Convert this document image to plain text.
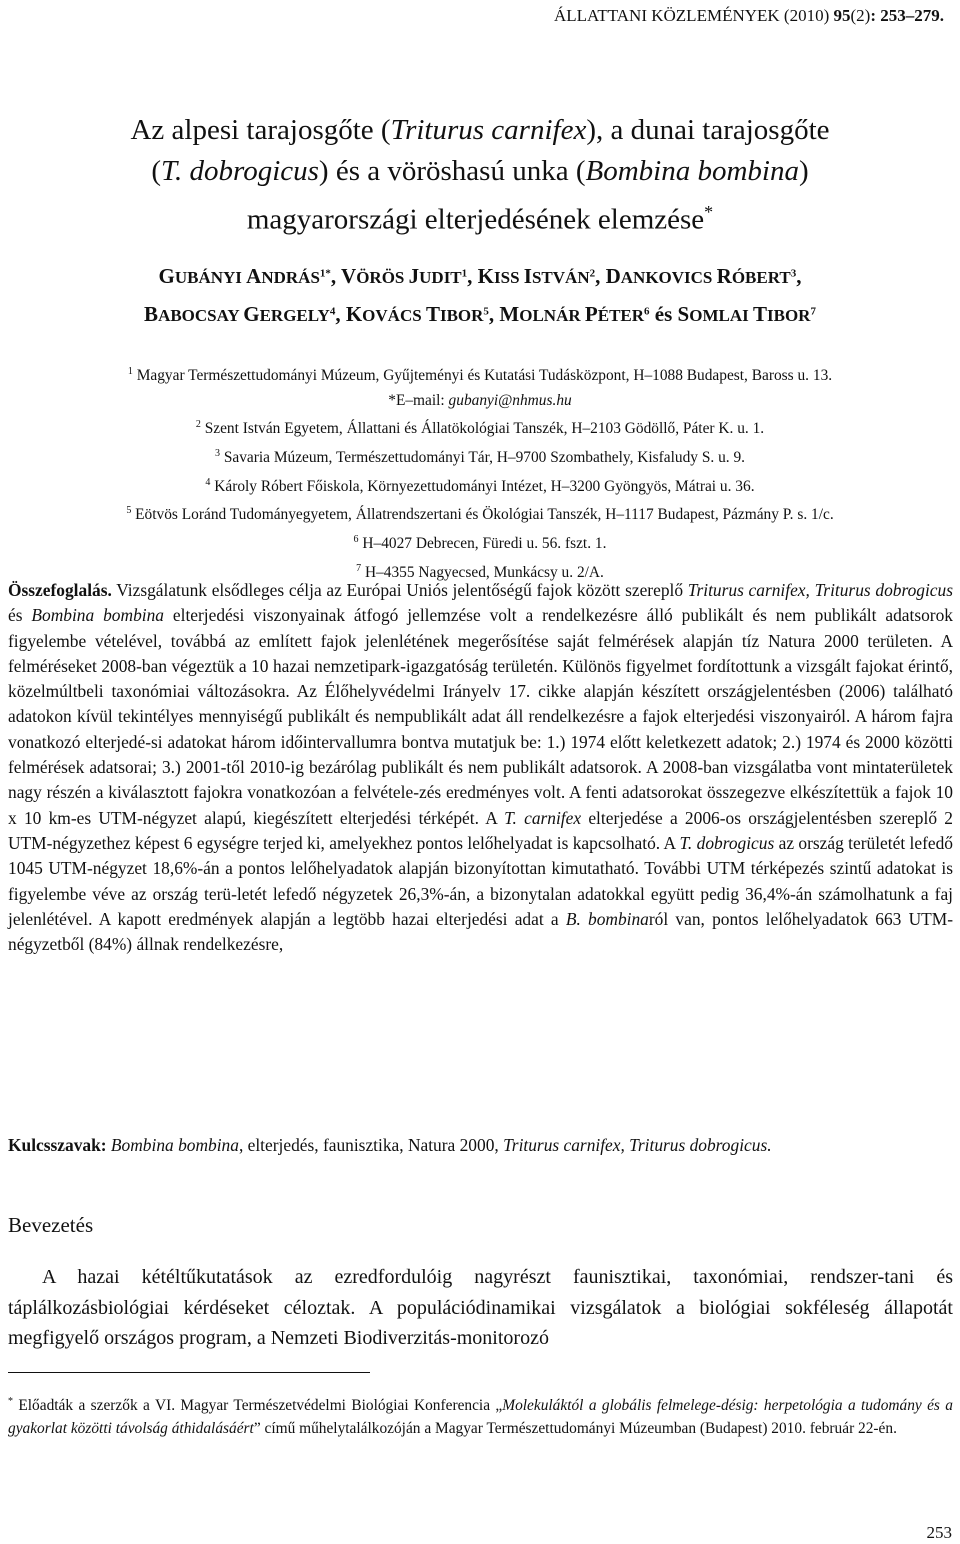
ÁLLATTANI KÖZLEMÉNYEK (2010) 95(2): 253–279.
Az alpesi tarajosgőte (Triturus carnifex), a dunai tarajosgőte
(T. dobrogicus) és a vöröshasú unka (Bombina bombina)
magyarországi elterjedésének elemzése*
GUBÁNYI $ANDRÁS^{1*}$, VÖRÖS JUDIT$^1$, KISS ISTVÁN$^2$, DANKOVICS RÓBERT$^3$,
BABOCSAY GERGELY$^4$, KOVÁCS TIBOR$^5$, MOLNÁR PÉTER$^6$ és SOMLAI TIBOR$^7$
$^1$ Magyar Természettudományi Múzeum, Gyűjteményi és Kutatási Tudásközpont, H–1088 Budapest, Baross u. 13.
*E–mail: gubanyi@nhmus.hu
$^2$ Szent István Egyetem, Állattani és Állatökológiai Tanszék, H–2103 Gödöllő, Páter K. u. 1.
$^3$ Savaria Múzeum, Természettudományi Tár, H–9700 Szombathely, Kisfaludy S. u. 9.
$^4$ Károly Róbert Főiskola, Környezettudományi Intézet, H–3200 Gyöngyös, Mátrai u. 36.
$^5$ Eötvös Loránd Tudományegyetem, Állatrendszertani és Ökológiai Tanszék, H–1117 Budapest, Pázmány P. s. 1/c.
$^6$ H–4027 Debrecen, Füredi u. 56. fszt. 1.
$^7$ H–4355 Nagyecsed, Munkácsy u. 2/A.
Összefoglalás. Vizsgálatunk elsődleges célja az Európai Uniós jelentőségű fajok között szereplő Triturus carnifex, Triturus dobrogicus és Bombina bombina elterjedési viszonyainak átfogó jellemzése volt a rendelkezésre álló publikált és nem publikált adatsorok figyelembe vételével, továbbá az említett fajok jelenlétének megerősítése saját felmérések alapján tíz Natura 2000 területen. A felméréseket 2008-ban végeztük a 10 hazai nemzetipark-igazgatóság területén. Különös figyelmet fordítottunk a vizsgált fajokat érintő, közelmúltbeli taxonómiai változásokra. Az Élőhelyvédelmi Irányelv 17. cikke alapján készített országjelentésben (2006) található adatokon kívül tekintélyes mennyiségű publikált és nempublikált adat áll rendelkezésre a fajok elterjedési viszonyairól. A három fajra vonatkozó elterjedé-si adatokat három időintervallumra bontva mutatjuk be: 1.) 1974 előtt keletkezett adatok; 2.) 1974 és 2000 közötti felmérések adatsorai; 3.) 2001-től 2010-ig bezárólag publikált és nem publikált adatsorok. A 2008-ban vizsgálatba vont mintaterületek nagy részén a kiválasztott fajokra vonatkozóan a felvétele-zés eredményes volt. A fenti adatsorokat összegezve elkészítettük a fajok 10 x 10 km-es UTM-négyzet alapú, kiegészített elterjedési térképét. A T. carnifex elterjedése a 2006-os országjelentésben szereplő 2 UTM-négyzethez képest 6 egységre terjed ki, amelyekhez pontos lelőhelyadat is kapcsolható. A T. dobrogicus az ország területét lefedő 1045 UTM-négyzet 18,6%-án a pontos lelőhelyadatok alapján bizonyítottan kimutatható. További UTM térképezés szintű adatokat is figyelembe véve az ország terü-letét lefedő négyzetek 26,3%-án, a bizonytalan adatokkal együtt pedig 36,4%-án számolhatunk a faj jelenlétével. A kapott eredmények alapján a legtöbb hazai elterjedési adat a B. bombinaról van, pontos lelőhelyadatok 663 UTM-négyzetből (84%) állnak rendelkezésre,
Kulcsszavak: Bombina bombina, elterjedés, faunisztika, Natura 2000, Triturus carnifex, Triturus dobrogicus.
Bevezetés
A hazai kétéltűkutatások az ezredfordulóig nagyrészt faunisztikai, taxonómiai, rendszer-tani és táplálkozásbiológiai kérdéseket céloztak. A populációdinamikai vizsgálatok a biológiai sokféleség állapotát megfigyelő országos program, a Nemzeti Biodiverzitás-monitorozó
* Előadták a szerzők a VI. Magyar Természetvédelmi Biológiai Konferencia „Molekuláktól a globális felmelege-désig: herpetológia a tudomány és a gyakorlat közötti távolság áthidalásáért” című műhelytalálkozóján a Magyar Természettudományi Múzeumban (Budapest) 2010. február 22-én.
253
